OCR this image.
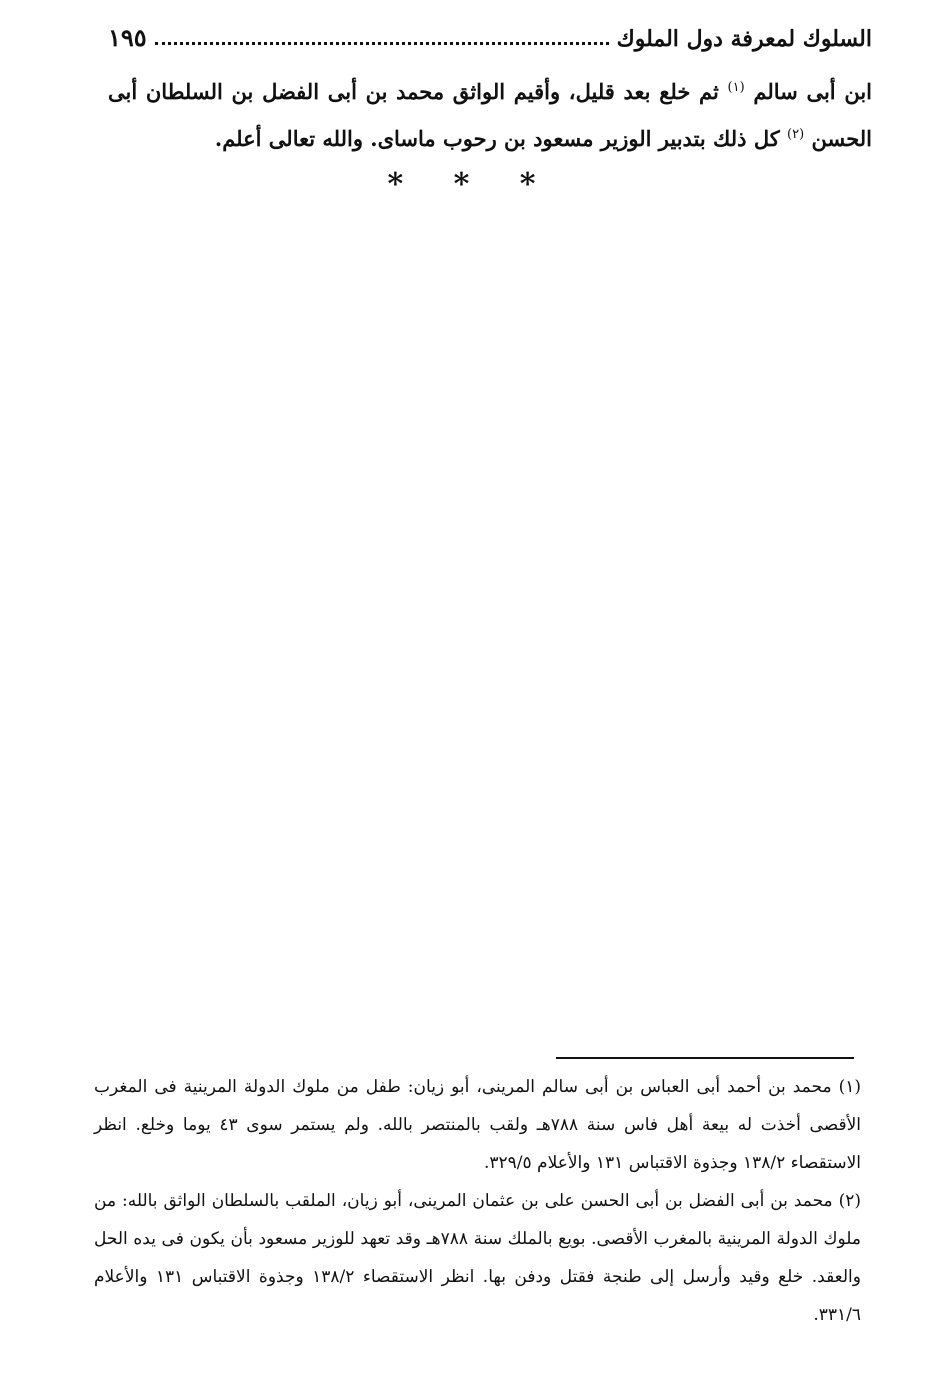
السلوك لمعرفة دول الملوك
١٩٥

ابن أبى سالم $^{(١)}$ ثم خلع بعد قليل، وأقيم الواثق محمد بن أبى الفضل بن السلطان أبى الحسن $^{(٢)}$ كل ذلك بتدبير الوزير مسعود بن رحوب ماساى. والله تعالى أعلم.

* * *

(١) محمد بن أحمد أبى العباس بن أبى سالم المرينى، أبو زيان: طفل من ملوك الدولة المرينية فى المغرب الأقصى أخذت له بيعة أهل فاس سنة ٧٨٨هـ ولقب بالمنتصر بالله. ولم يستمر سوى ٤٣ يوما وخلع. انظر الاستقصاء ١٣٨/٢ وجذوة الاقتباس ١٣١ والأعلام ٣٢٩/٥.

(٢) محمد بن أبى الفضل بن أبى الحسن على بن عثمان المرينى، أبو زيان، الملقب بالسلطان الواثق بالله: من ملوك الدولة المرينية بالمغرب الأقصى. بويع بالملك سنة ٧٨٨هـ وقد تعهد للوزير مسعود بأن يكون فى يده الحل والعقد. خلع وقيد وأرسل إلى طنجة فقتل ودفن بها. انظر الاستقصاء ١٣٨/٢ وجذوة الاقتباس ١٣١ والأعلام ٣٣١/٦.
